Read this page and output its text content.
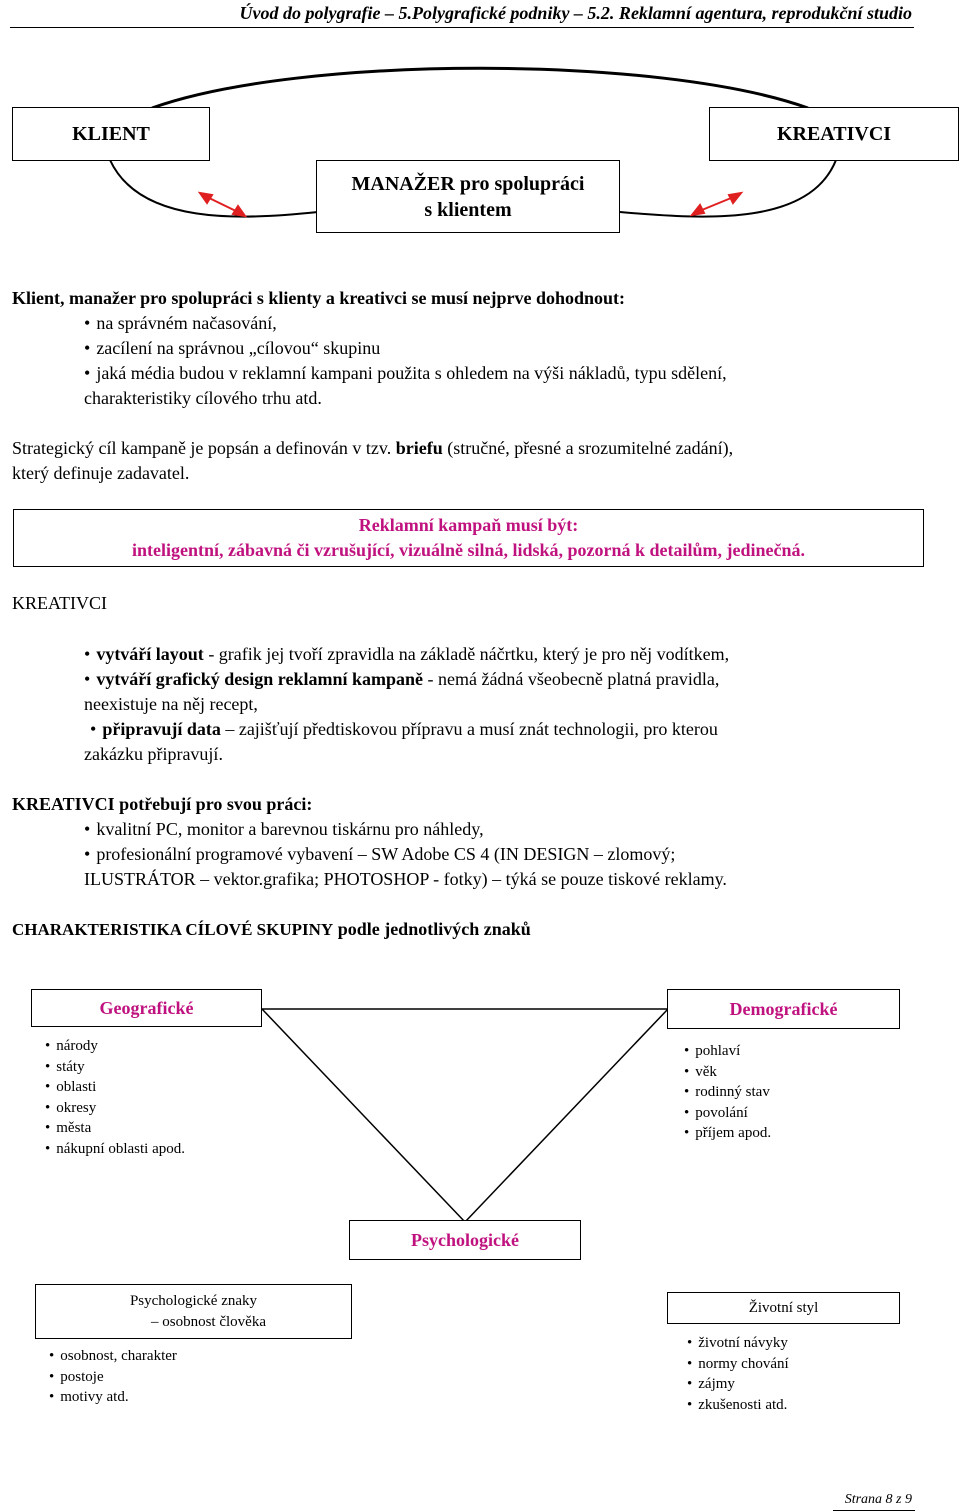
Úvod do polygrafie – 5.Polygrafické podniky – 5.2. Reklamní agentura, reprodukční studio
KLIENT	KREATIVCI
MANAŽER pro spolupráci
s klientem
Klient, manažer pro spolupráci s klienty a kreativci se musí nejprve dohodnout:
• na správném načasování,
• zacílení na správnou „cílovou“ skupinu
• jaká média budou v reklamní kampani použita s ohledem na výši nákladů, typu sdělení,
charakteristiky cílového trhu atd.
Strategický cíl kampaně je popsán a definován v tzv. briefu (stručné, přesné a srozumitelné zadání),
který definuje zadavatel.
Reklamní kampaň musí být:
inteligentní, zábavná či vzrušující, vizuálně silná, lidská, pozorná k detailům, jedinečná.
KREATIVCI
• vytváří layout - grafik jej tvoří zpravidla na základě náčrtku, který je pro něj vodítkem,
• vytváří grafický design reklamní kampaně - nemá žádná všeobecně platná pravidla,
neexistuje na něj recept,
• připravují data – zajišťují předtiskovou přípravu a musí znát technologii, pro kterou
zakázku připravují.
KREATIVCI potřebují pro svou práci:
• kvalitní PC, monitor a barevnou tiskárnu pro náhledy,
• profesionální programové vybavení – SW Adobe CS 4 (IN DESIGN – zlomový;
ILUSTRÁTOR – vektor.grafika; PHOTOSHOP - fotky) – týká se pouze tiskové reklamy.
CHARAKTERISTIKA CÍLOVÉ SKUPINY podle jednotlivých znaků
Geografické
• národy
• státy
• oblasti
• okresy
• města
• nákupní oblasti apod.
Demografické
• pohlaví
• věk
• rodinný stav
• povolání
• příjem apod.
Psychologické
Psychologické znaky
– osobnost člověka
• osobnost, charakter
• postoje
• motivy atd.
Životní styl
• životní návyky
• normy chování
• zájmy
• zkušenosti atd.
Strana 8 z 9
